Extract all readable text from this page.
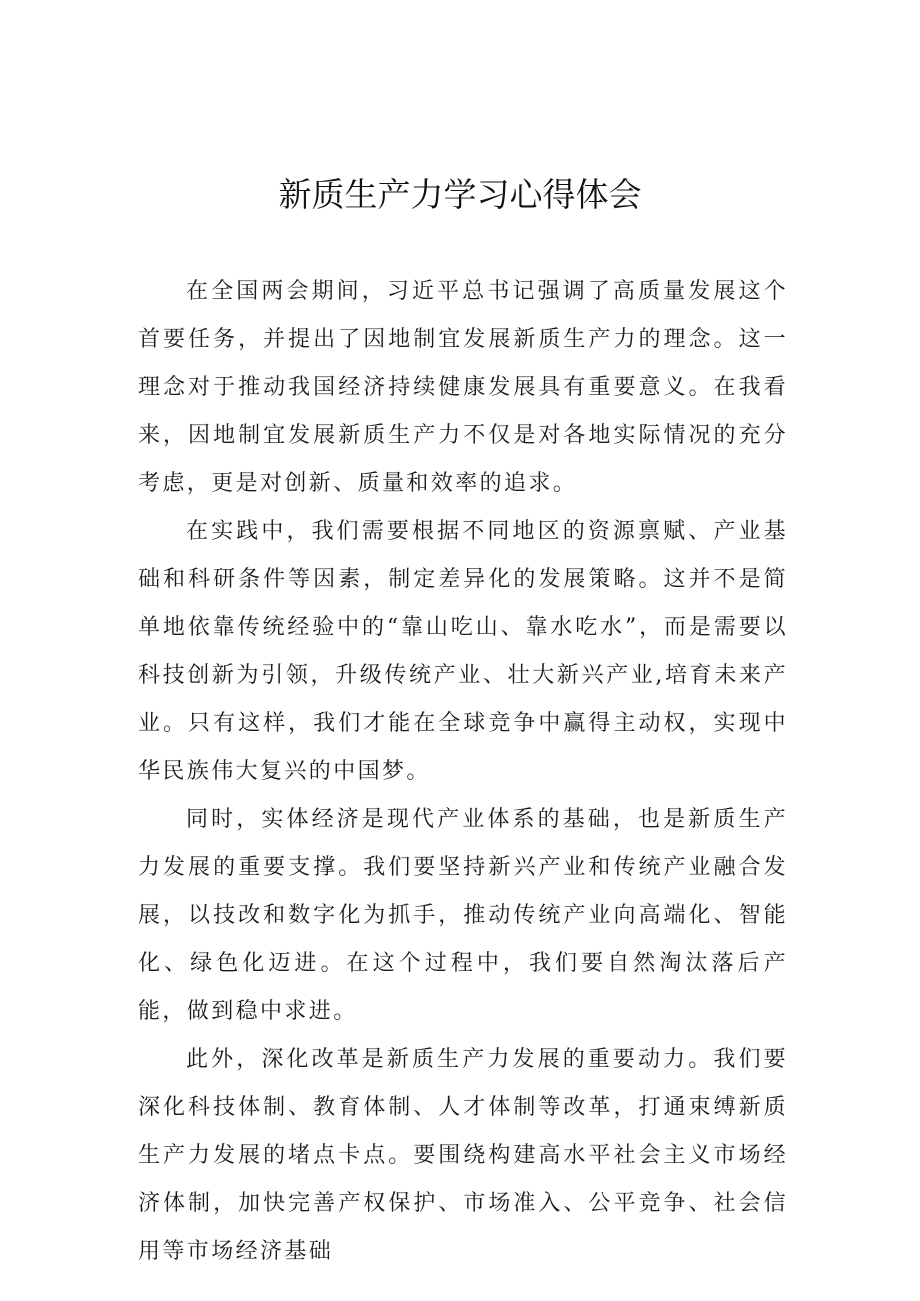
新质生产力学习心得体会

在全国两会期间，习近平总书记强调了高质量发展这个首要任务，并提出了因地制宜发展新质生产力的理念。这一理念对于推动我国经济持续健康发展具有重要意义。在我看来，因地制宜发展新质生产力不仅是对各地实际情况的充分考虑，更是对创新、质量和效率的追求。

在实践中，我们需要根据不同地区的资源禀赋、产业基础和科研条件等因素，制定差异化的发展策略。这并不是简单地依靠传统经验中的“靠山吃山、靠水吃水”，而是需要以科技创新为引领，升级传统产业、壮大新兴产业,培育未来产业。只有这样，我们才能在全球竞争中赢得主动权，实现中华民族伟大复兴的中国梦。

同时，实体经济是现代产业体系的基础，也是新质生产力发展的重要支撑。我们要坚持新兴产业和传统产业融合发展，以技改和数字化为抓手，推动传统产业向高端化、智能化、绿色化迈进。在这个过程中，我们要自然淘汰落后产能，做到稳中求进。

此外，深化改革是新质生产力发展的重要动力。我们要深化科技体制、教育体制、人才体制等改革，打通束缚新质生产力发展的堵点卡点。要围绕构建高水平社会主义市场经济体制，加快完善产权保护、市场准入、公平竞争、社会信用等市场经济基础
